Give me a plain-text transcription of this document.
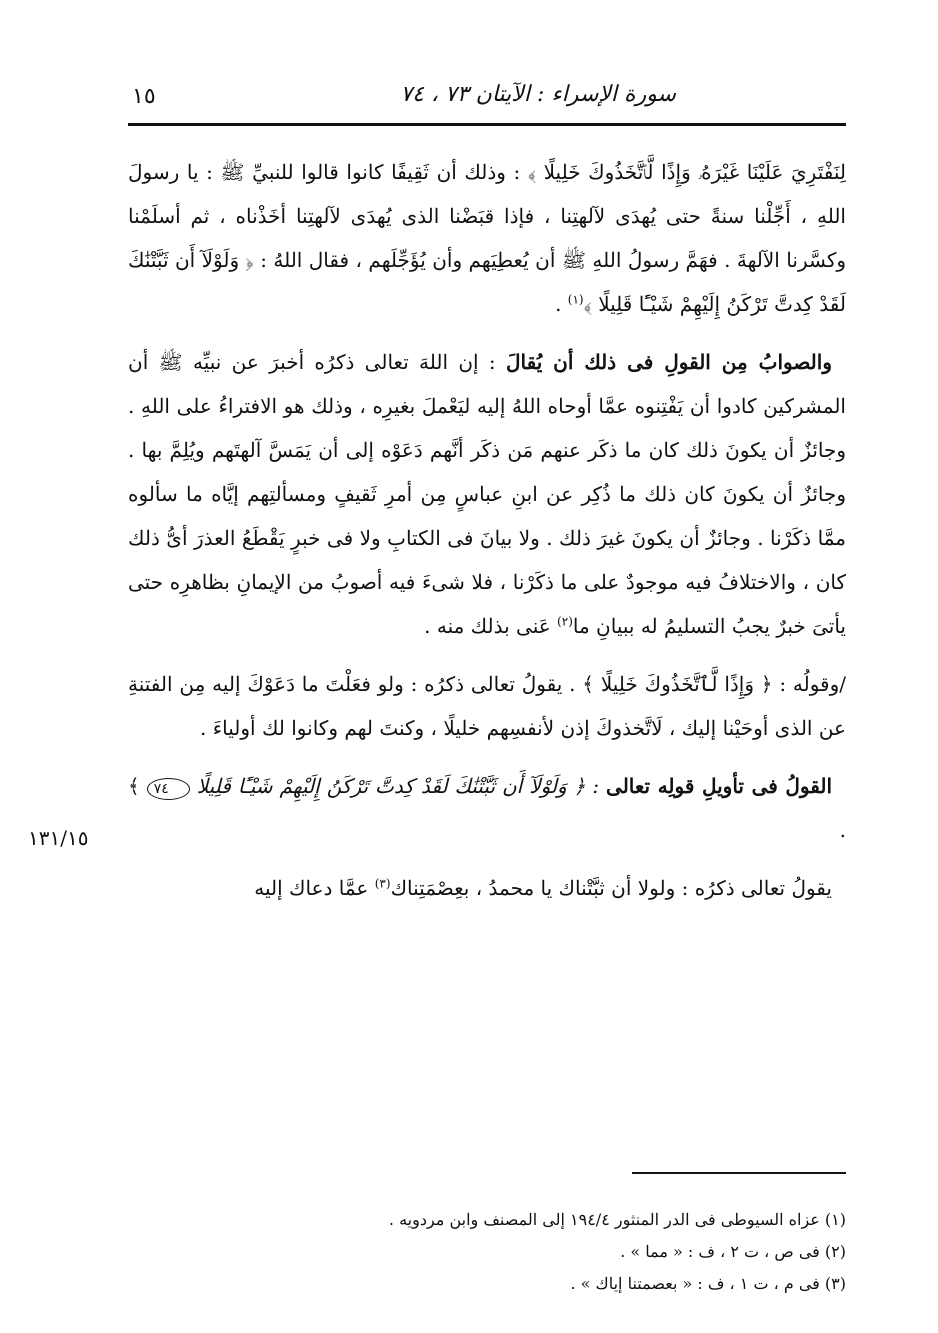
١٥	سورة الإسراء : الآيتان ٧٣ ، ٧٤

لِنَفْتَرِيَ عَلَيْنَا غَيْرَهُۥ وَإِذًا لَّٱتَّخَذُوكَ خَلِيلًا ﴾ : وذلك أن ثَقِيفًا كانوا قالوا للنبيِّ ﷺ : يا رسولَ اللهِ ، أَجِّلْنا سنةً حتى يُهدَى لآلهتِنا ، فإذا قبَضْنا الذى يُهدَى لآلهتِنا أخَذْناه ، ثم أسلَمْنا وكسَّرنا الآلهةَ . فهَمَّ رسولُ اللهِ ﷺ أن يُعطِيَهم وأن يُؤَجِّلَهم ، فقال اللهُ : ﴿ وَلَوْلَآ أَن ثَبَّتْنَٰكَ لَقَدْ كِدتَّ تَرْكَنُ إِلَيْهِمْ شَيْـًٔا قَلِيلًا ﴾$^{(١)}$ .

والصوابُ مِن القولِ فى ذلك أن يُقالَ : إن اللهَ تعالى ذكرُه أخبرَ عن نبيِّه ﷺ أن المشركين كادوا أن يَفْتِنوه عمَّا أوحاه اللهُ إليه ليَعْملَ بغيرِه ، وذلك هو الافتراءُ على اللهِ . وجائزٌ أن يكونَ ذلك كان ما ذكَر عنهم مَن ذكَر أنَّهم دَعَوْه إلى أن يَمَسَّ آلهتَهم ويُلِمَّ بها . وجائزٌ أن يكونَ كان ذلك ما ذُكِر عن ابنِ عباسٍ مِن أمرِ ثَقيفٍ ومسألتِهم إيَّاه ما سألوه ممَّا ذكَرْنا . وجائزٌ أن يكونَ غيرَ ذلك . ولا بيانَ فى الكتابِ ولا فى خبرٍ يَقْطَعُ العذرَ أىُّ ذلك كان ، والاختلافُ فيه موجودٌ على ما ذكَرْنا ، فلا شىءَ فيه أصوبُ من الإيمانِ بظاهرِه حتى يأتىَ خبرٌ يجبُ التسليمُ له ببيانِ ما$^{(٢)}$ عَنى بذلك منه .

/وقولُه : ﴿ وَإِذًا لَّٱتَّخَذُوكَ خَلِيلًا ﴾ . يقولُ تعالى ذكرُه : ولو فعَلْتَ ما دَعَوْكَ إليه مِن الفتنةِ عن الذى أوحَيْنا إليك ، لَاتَّخذوكَ إذن لأنفسِهم خليلًا ، وكنتَ لهم وكانوا لك أولياءَ .

القولُ فى تأويلِ قولِه تعالى : ﴿ وَلَوْلَآ أَن ثَبَّتْنَٰكَ لَقَدْ كِدتَّ تَرْكَنُ إِلَيْهِمْ شَيْـًٔا قَلِيلًا ٧٤ ﴾ .

يقولُ تعالى ذكرُه : ولولا أن ثبَّتْناك يا محمدُ ، بعِصْمَتِناك$^{(٣)}$ عمَّا دعاك إليه

١٣١/١٥
(١) عزاه السيوطى فى الدر المنثور ١٩٤/٤ إلى المصنف وابن مردويه .
(٢) فى ص ، ت ٢ ، ف : « مما » .
(٣) فى م ، ت ١ ، ف : « بعصمتنا إياك » .
